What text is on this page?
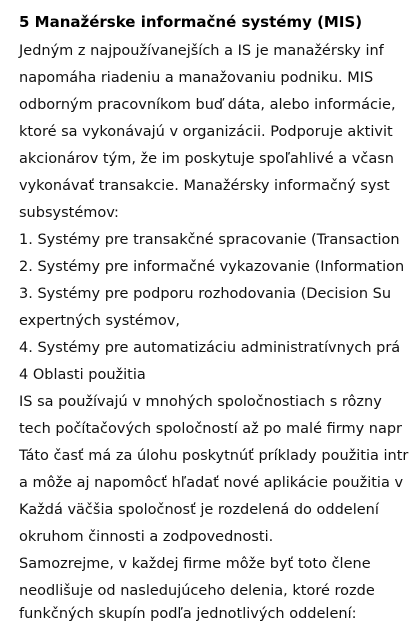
5 Manažérske informačné systémy (MIS)
Jedným z najpoužívanejších a IS je manažérsky inf
napomáha riadeniu a manažovaniu podniku. MIS
odborným pracovníkom buď dáta, alebo informácie,
ktoré sa vykonávajú v organizácii. Podporuje aktivit
akcionárov tým, že im poskytuje spoľahlivé a včasn
vykonávať transakcie. Manažérsky informačný syst
subsystémov:
1. Systémy pre transakčné spracovanie (Transaction
2. Systémy pre informačné vykazovanie (Information
3. Systémy pre podporu rozhodovania (Decision Su
expertných systémov,
4. Systémy pre automatizáciu administratívnych prá
4 Oblasti použitia
IS sa používajú v mnohých spoločnostiach s rôzny
tech počítačových spoločností až po malé firmy napr
Táto časť má za úlohu poskytnúť príklady použitia intr
a môže aj napomôcť hľadať nové aplikácie použitia v
Každá väčšia spoločnosť je rozdelená do oddelení
okruhom činnosti a zodpovednosti.
Samozrejme, v každej firme môže byť toto člene
neodlišuje od nasledujúceho delenia, ktoré rozde
funkčných skupín podľa jednotlivých oddelení:
